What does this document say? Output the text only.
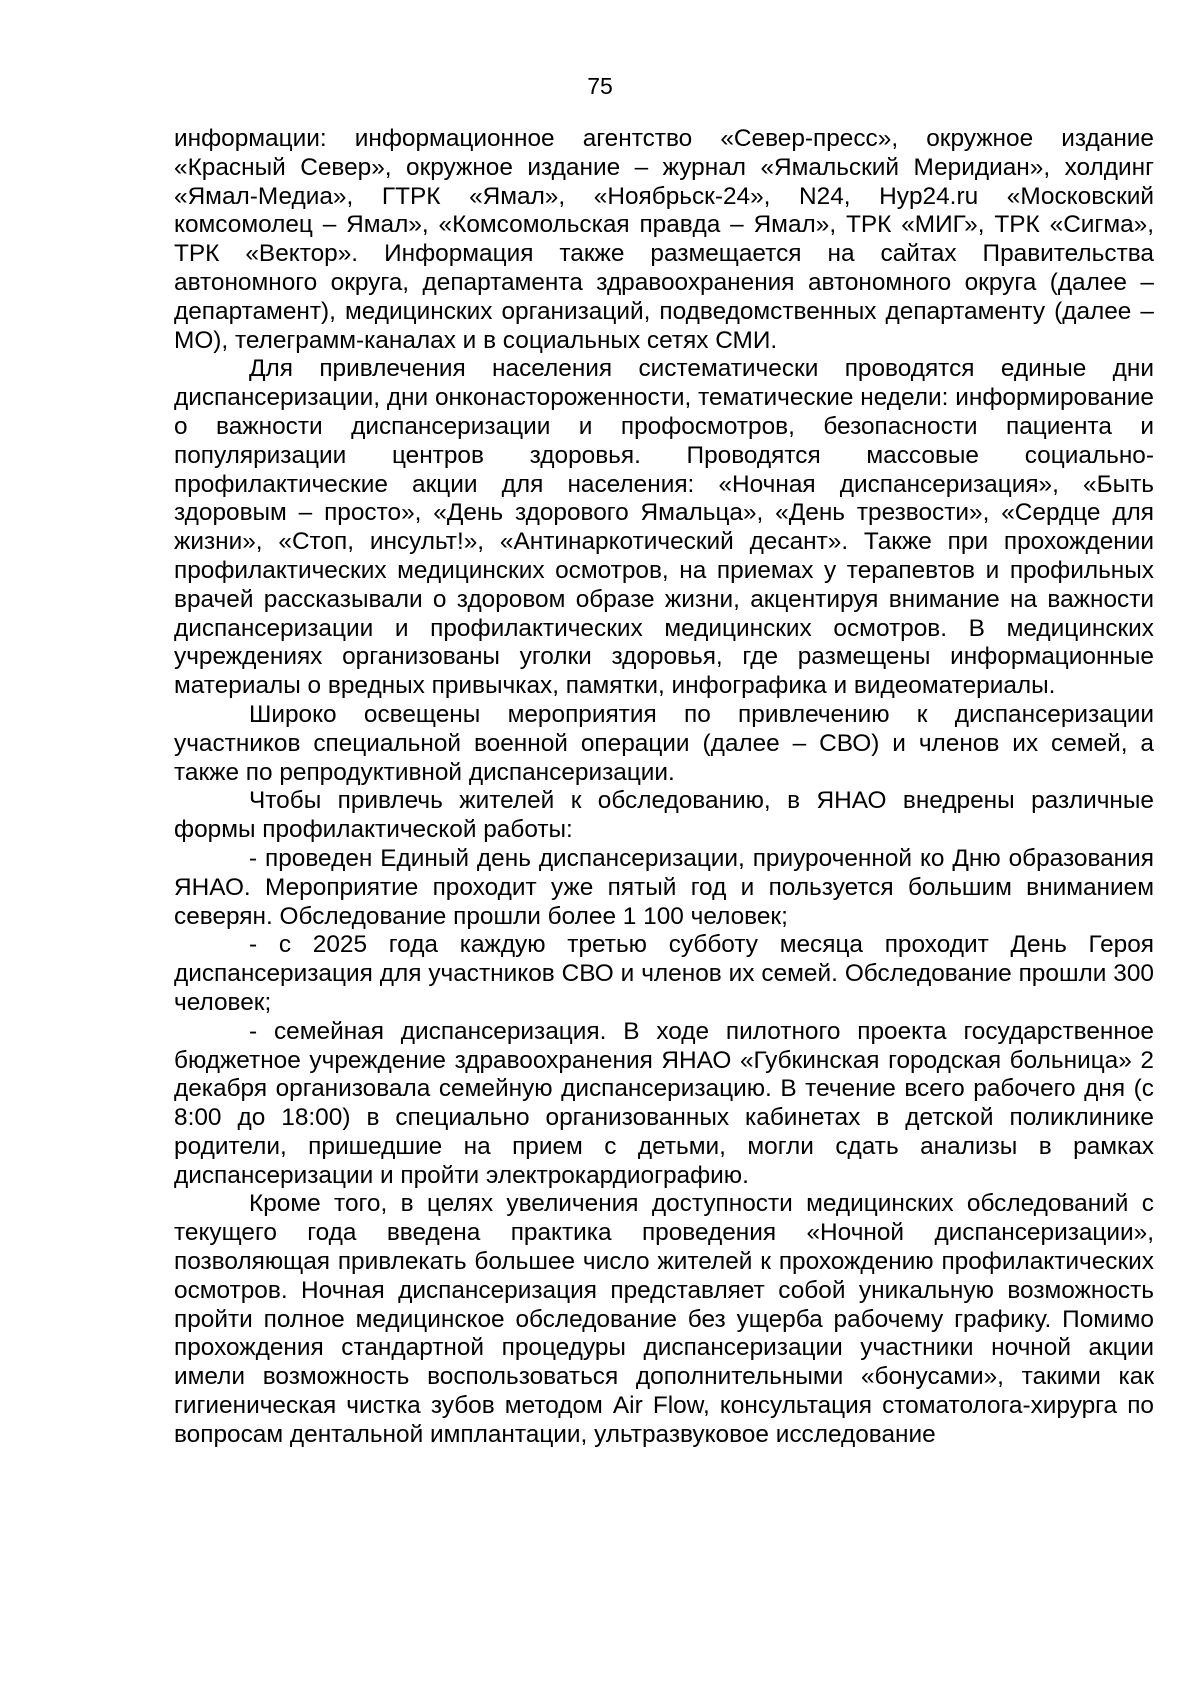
75

информации: информационное агентство «Север-пресс», окружное издание «Красный Север», окружное издание – журнал «Ямальский Меридиан», холдинг «Ямал-Медиа», ГТРК «Ямал», «Ноябрьск-24», N24, Hyp24.ru «Московский комсомолец – Ямал», «Комсомольская правда – Ямал», ТРК «МИГ», ТРК «Сигма», ТРК «Вектор». Информация также размещается на сайтах Правительства автономного округа, департамента здравоохранения автономного округа (далее – департамент), медицинских организаций, подведомственных департаменту (далее – МО), телеграмм-каналах и в социальных сетях СМИ.

Для привлечения населения систематически проводятся единые дни диспансеризации, дни онконастороженности, тематические недели: информирование о важности диспансеризации и профосмотров, безопасности пациента и популяризации центров здоровья. Проводятся массовые социально-профилактические акции для населения: «Ночная диспансеризация», «Быть здоровым – просто», «День здорового Ямальца», «День трезвости», «Сердце для жизни», «Стоп, инсульт!», «Антинаркотический десант». Также при прохождении профилактических медицинских осмотров, на приемах у терапевтов и профильных врачей рассказывали о здоровом образе жизни, акцентируя внимание на важности диспансеризации и профилактических медицинских осмотров. В медицинских учреждениях организованы уголки здоровья, где размещены информационные материалы о вредных привычках, памятки, инфографика и видеоматериалы.

Широко освещены мероприятия по привлечению к диспансеризации участников специальной военной операции (далее – СВО) и членов их семей, а также по репродуктивной диспансеризации.

Чтобы привлечь жителей к обследованию, в ЯНАО внедрены различные формы профилактической работы:

- проведен Единый день диспансеризации, приуроченной ко Дню образования ЯНАО. Мероприятие проходит уже пятый год и пользуется большим вниманием северян. Обследование прошли более 1 100 человек;

- с 2025 года каждую третью субботу месяца проходит День Героя диспансеризация для участников СВО и членов их семей. Обследование прошли 300 человек;

- семейная диспансеризация. В ходе пилотного проекта государственное бюджетное учреждение здравоохранения ЯНАО «Губкинская городская больница» 2 декабря организовала семейную диспансеризацию. В течение всего рабочего дня (с 8:00 до 18:00) в специально организованных кабинетах в детской поликлинике родители, пришедшие на прием с детьми, могли сдать анализы в рамках диспансеризации и пройти электрокардиографию.

Кроме того, в целях увеличения доступности медицинских обследований с текущего года введена практика проведения «Ночной диспансеризации», позволяющая привлекать большее число жителей к прохождению профилактических осмотров. Ночная диспансеризация представляет собой уникальную возможность пройти полное медицинское обследование без ущерба рабочему графику. Помимо прохождения стандартной процедуры диспансеризации участники ночной акции имели возможность воспользоваться дополнительными «бонусами», такими как гигиеническая чистка зубов методом Air Flow, консультация стоматолога-хирурга по вопросам дентальной имплантации, ультразвуковое исследование
